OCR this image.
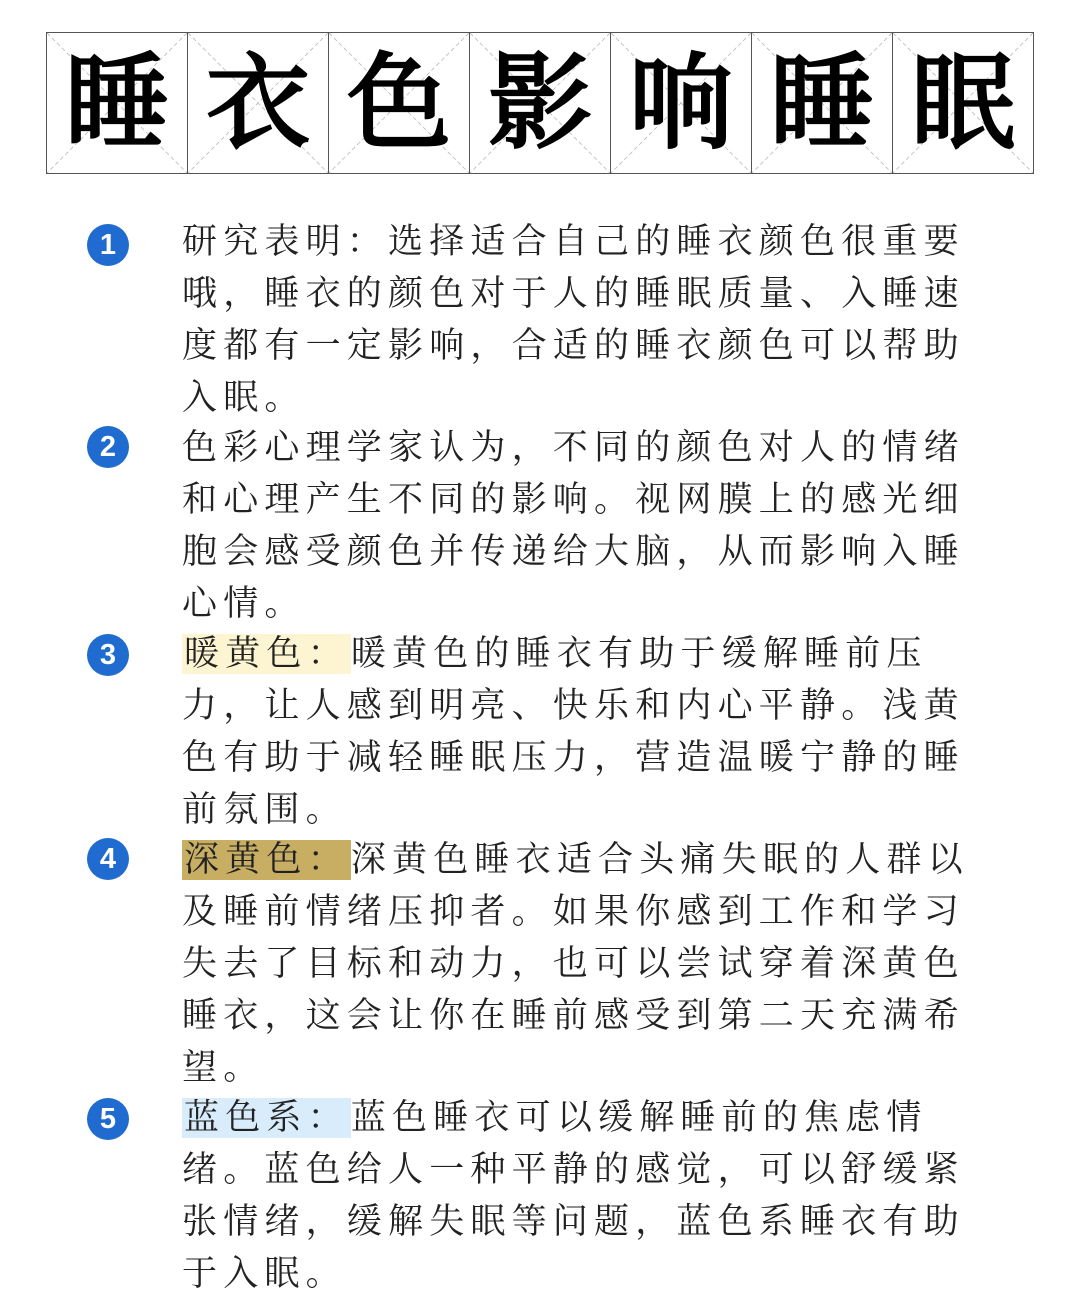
睡 衣 色 影 响 睡 眠
1	研究表明：选择适合自己的睡衣颜色很重要哦，睡衣的颜色对于人的睡眠质量、入睡速度都有一定影响，合适的睡衣颜色可以帮助入眠。

2	色彩心理学家认为，不同的颜色对人的情绪和心理产生不同的影响。视网膜上的感光细胞会感受颜色并传递给大脑，从而影响入睡心情。

3	暖黄色：暖黄色的睡衣有助于缓解睡前压力，让人感到明亮、快乐和内心平静。浅黄色有助于减轻睡眠压力，营造温暖宁静的睡前氛围。

4	深黄色：深黄色睡衣适合头痛失眠的人群以及睡前情绪压抑者。如果你感到工作和学习失去了目标和动力，也可以尝试穿着深黄色睡衣，这会让你在睡前感受到第二天充满希望。

5	蓝色系：蓝色睡衣可以缓解睡前的焦虑情绪。蓝色给人一种平静的感觉，可以舒缓紧张情绪，缓解失眠等问题，蓝色系睡衣有助于入眠。
